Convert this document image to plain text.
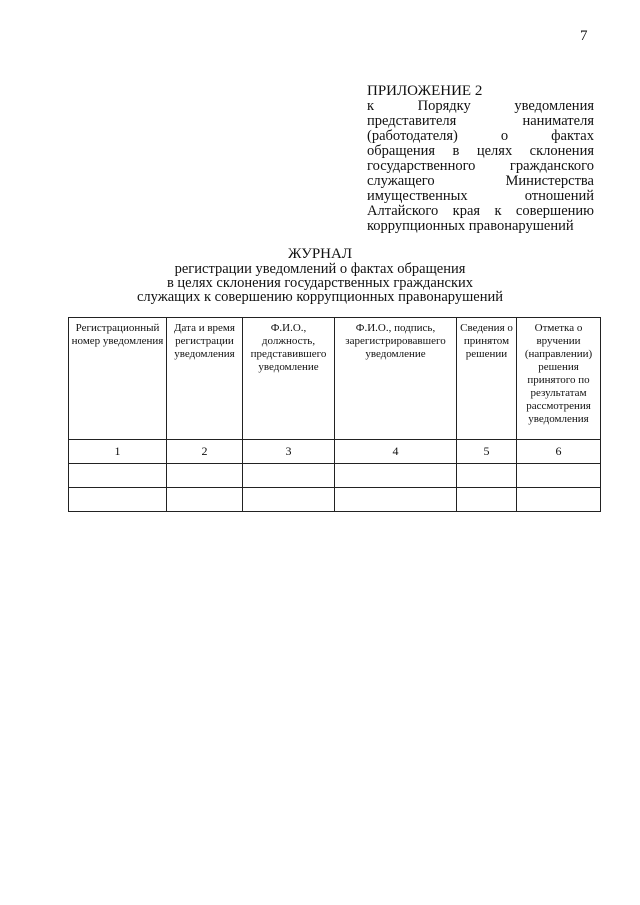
7
ПРИЛОЖЕНИЕ 2
к Порядку уведомления
представителя нанимателя
(работодателя) о фактах
обращения в целях склонения
государственного гражданского
служащего Министерства
имущественных отношений
Алтайского края к совершению
коррупционных правонарушений
ЖУРНАЛ
регистрации уведомлений о фактах обращения
в целях склонения государственных гражданских
служащих к совершению коррупционных правонарушений
Регистрационный номер уведомления	Дата и время регистрации уведомления	Ф.И.О., должность, представившего уведомление	Ф.И.О., подпись, зарегистрировавшего уведомление	Сведения о принятом решении	Отметка о вручении (направлении) решения принятого по результатам рассмотрения уведомления
1	2	3	4	5	6
